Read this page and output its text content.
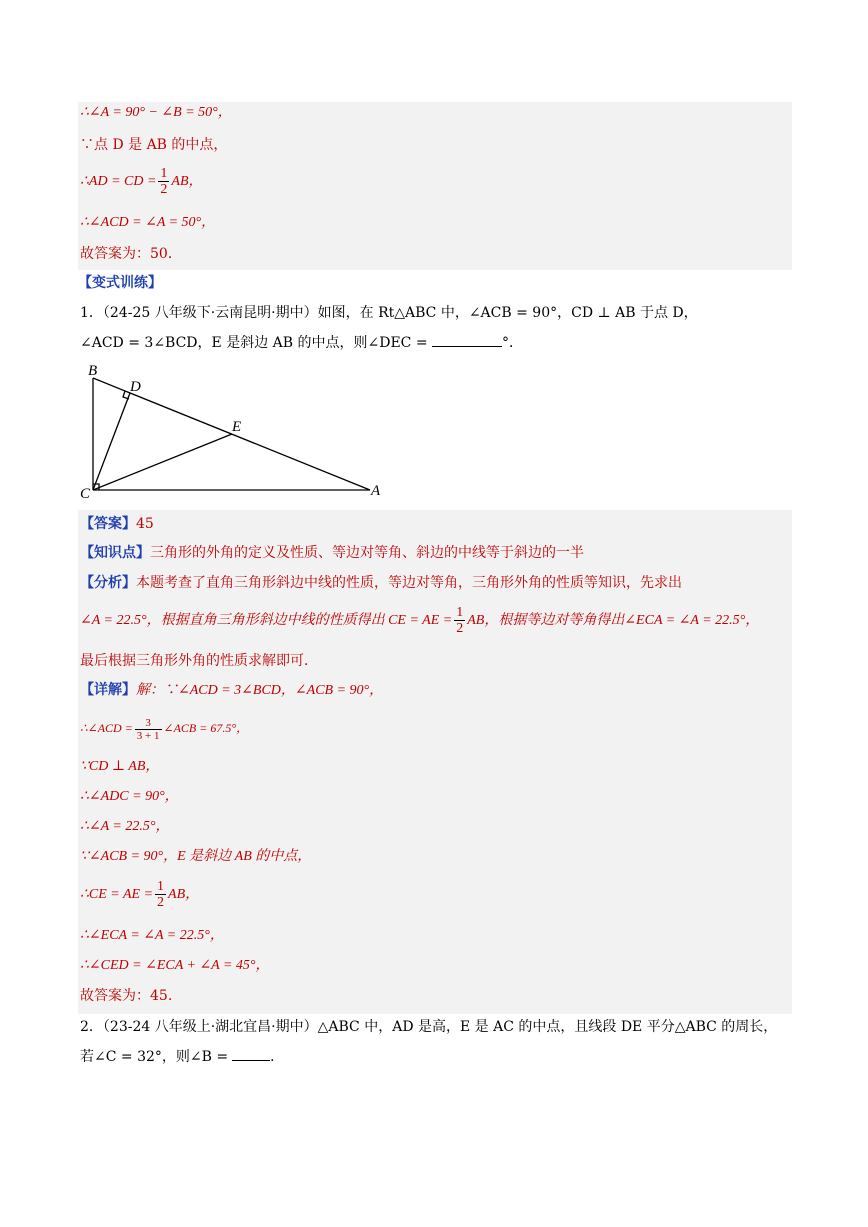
∴∠A = 90° − ∠B = 50°，
∵点 D 是 AB 的中点，
∴AD = CD = $\frac{1}{2}$ AB，
∴∠ACD = ∠A = 50°，
故答案为：50．
【变式训练】
1．（24-25 八年级下·云南昆明·期中）如图，在 Rt△ABC 中，∠ACB = 90°，CD ⊥ AB 于点 D，
∠ACD = 3∠BCD，E 是斜边 AB 的中点，则∠DEC =	°．
B
D
E
C	A
【答案】45
【知识点】三角形的外角的定义及性质、等边对等角、斜边的中线等于斜边的一半
【分析】本题考查了直角三角形斜边中线的性质，等边对等角，三角形外角的性质等知识，先求出
∠A = 22.5°，根据直角三角形斜边中线的性质得出 CE = AE = $\frac{1}{2}$ AB，根据等边对等角得出∠ECA = ∠A = 22.5°，
最后根据三角形外角的性质求解即可．
【详解】解：∵∠ACD = 3∠BCD，∠ACB = 90°，
∴∠ACD = $\frac{3}{3 + 1}$ ∠ACB = 67.5°，
∵CD ⊥ AB，
∴∠ADC = 90°，
∴∠A = 22.5°，
∵∠ACB = 90°，E 是斜边 AB 的中点，
∴CE = AE = $\frac{1}{2}$ AB，
∴∠ECA = ∠A = 22.5°，
∴∠CED = ∠ECA + ∠A = 45°，
故答案为：45.
2．（23-24 八年级上·湖北宜昌·期中）△ABC 中，AD 是高，E 是 AC 的中点，且线段 DE 平分△ABC 的周长，
若∠C = 32°，则∠B =	．
